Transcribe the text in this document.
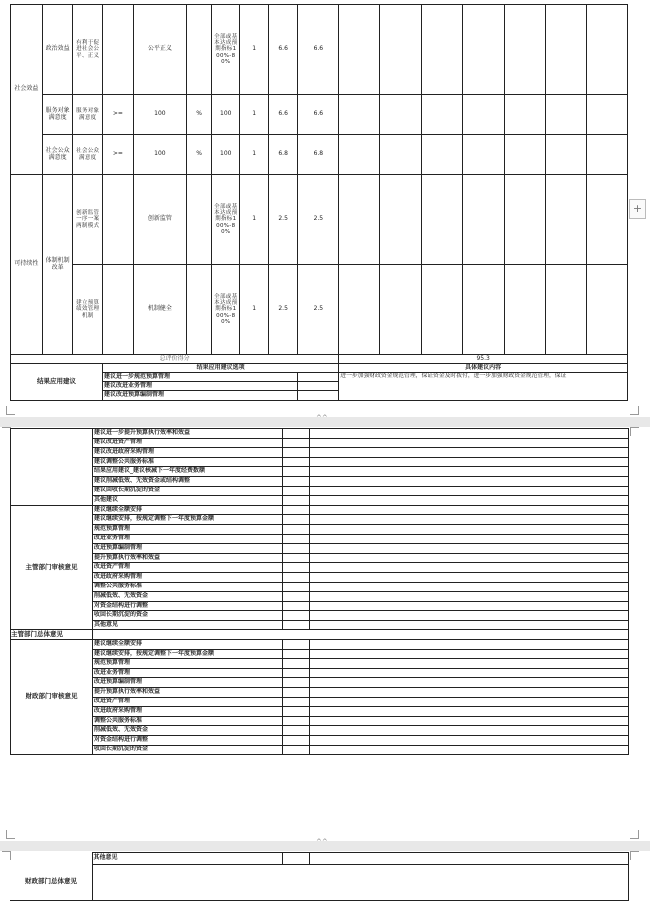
社会效益	政治效益	有利于促进社会公平、正义		公平正义		全部或基本达成预期指标100%-80%	1	6.6	6.6							
	服务对象满意度	服务对象满意度	>=	100	%	100	1	6.6	6.6							
	社会公众满意度	社会公众满意度	>=	100	%	100	1	6.8	6.8							
可持续性	体制机制改革	创新监管一序一案两制模式		创新监管		全部或基本达成预期指标100%-80%	1	2.5	2.5							
		建立预算绩效管理机制		机制健全		全部或基本达成预期指标100%-80%	1	2.5	2.5							
总评价得分										95.3						
结果应用建议			结果应用建议选项							具体建议内容						
			建议进一步规范预算管理							进一步加强财政资金规范管理，保证资金及时拨付，进一步加强财政资金规范管理，保证						
			建议改进业务管理													
			建议改进预算编制管理													
^^
+
	建议进一步提升预算执行效率和效益		
	建议改进资产管理		
	建议改进政府采购管理		
	建议调整公共服务标准		
	结果应用建议_建议核减下一年度经费数额		
	建议削减低效、无效资金或结构调整		
	建议回收长期沉淀的资金		
	其他建议		
主管部门审核意见	建议继续全额安排		
	建议继续安排，按规定调整下一年度预算金额		
	规范预算管理		
	改进业务管理		
	改进预算编制管理		
	提升预算执行效率和效益		
	改进资产管理		
	改进政府采购管理		
	调整公共服务标准		
	削减低效、无效资金		
	对资金结构进行调整		
	收回长期沉淀的资金		
	其他意见		
主管部门总体意见			
财政部门审核意见	建议继续全额安排		
	建议继续安排，按规定调整下一年度预算金额		
	规范预算管理		
	改进业务管理		
	改进预算编制管理		
	提升预算执行效率和效益		
	改进资产管理		
	改进政府采购管理		
	调整公共服务标准		
	削减低效、无效资金		
	对资金结构进行调整		
	收回长期沉淀的资金		
^^
	其他意见		

财政部门总体意见
